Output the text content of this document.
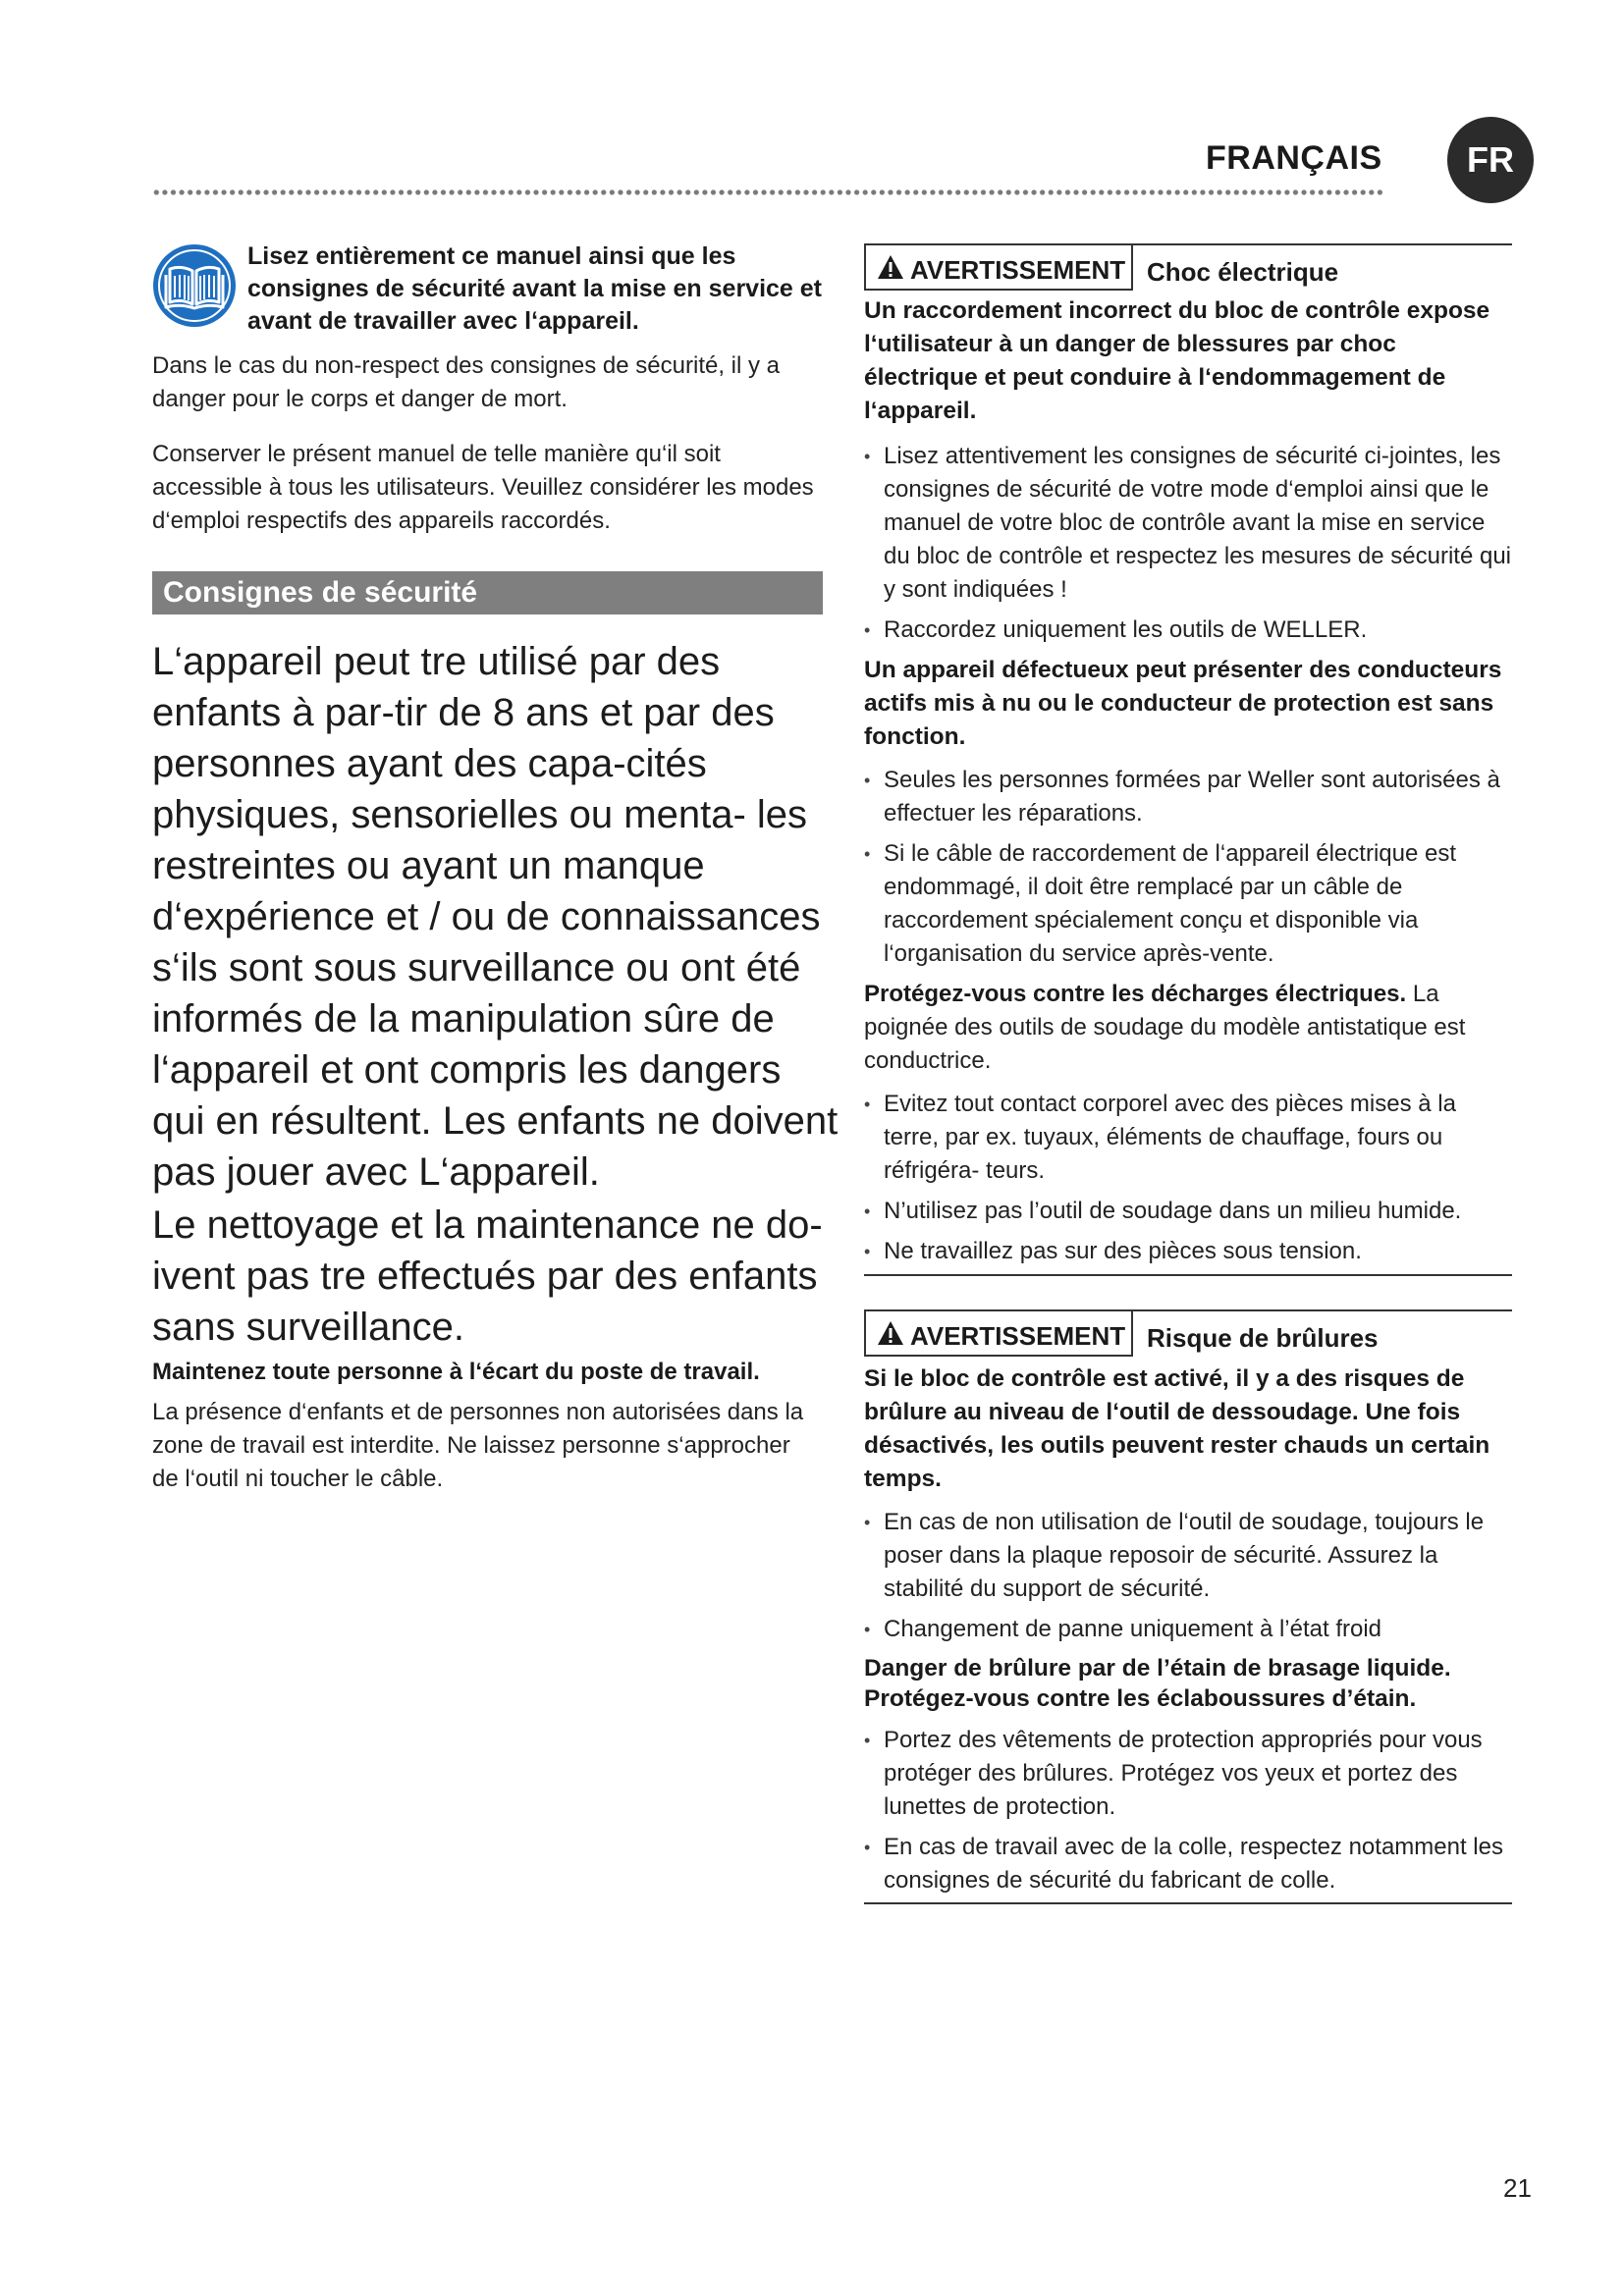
FRANÇAIS	FR
Lisez entièrement ce manuel ainsi que les consignes de sécurité avant la mise en service et avant de travailler avec l‘appareil.
Dans le cas du non-respect des consignes de sécurité, il y a danger pour le corps et danger de mort.
Conserver le présent manuel de telle manière qu‘il soit accessible à tous les utilisateurs. Veuillez considérer les modes d‘emploi respectifs des appareils raccordés.
Consignes de sécurité
L‘appareil peut tre utilisé par des enfants à par-tir de 8 ans et par des personnes ayant des capa-cités physiques, sensorielles ou menta- les restreintes ou ayant un manque d‘expérience et / ou de connaissances s‘ils sont sous surveillance ou ont été informés de la manipulation sûre de l‘appareil et ont compris les dangers qui en résultent. Les enfants ne doivent pas jouer avec L‘appareil.
Le nettoyage et la maintenance ne do- ivent pas tre effectués par des enfants sans surveillance.
Maintenez toute personne à l‘écart du poste de travail.
La présence d‘enfants et de personnes non autorisées dans la zone de travail est interdite. Ne laissez personne s‘approcher de l‘outil ni toucher le câble.
AVERTISSEMENT Choc électrique
Un raccordement incorrect du bloc de contrôle expose l‘utilisateur à un danger de blessures par choc électrique et peut conduire à l‘endommagement de l‘appareil.
• Lisez attentivement les consignes de sécurité ci-jointes, les consignes de sécurité de votre mode d‘emploi ainsi que le manuel de votre bloc de contrôle avant la mise en service du bloc de contrôle et respectez les mesures de sécurité qui y sont indiquées !
• Raccordez uniquement les outils de WELLER.
Un appareil défectueux peut présenter des conducteurs actifs mis à nu ou le conducteur de protection est sans fonction.
• Seules les personnes formées par Weller sont autorisées à effectuer les réparations.
• Si le câble de raccordement de l‘appareil électrique est endommagé, il doit être remplacé par un câble de raccordement spécialement conçu et disponible via l‘organisation du service après-vente.
Protégez-vous contre les décharges électriques. La poignée des outils de soudage du modèle antistatique est conductrice.
• Evitez tout contact corporel avec des pièces mises à la terre, par ex. tuyaux, éléments de chauffage, fours ou réfrigéra- teurs.
• N’utilisez pas l’outil de soudage dans un milieu humide.
• Ne travaillez pas sur des pièces sous tension.
AVERTISSEMENT Risque de brûlures
Si le bloc de contrôle est activé, il y a des risques de brûlure au niveau de l‘outil de dessoudage. Une fois désactivés, les outils peuvent rester chauds un certain temps.
• En cas de non utilisation de l‘outil de soudage, toujours le poser dans la plaque reposoir de sécurité. Assurez la stabilité du support de sécurité.
• Changement de panne uniquement à l’état froid
Danger de brûlure par de l’étain de brasage liquide. Protégez-vous contre les éclaboussures d’étain.
• Portez des vêtements de protection appropriés pour vous protéger des brûlures. Protégez vos yeux et portez des lunettes de protection.
• En cas de travail avec de la colle, respectez notamment les consignes de sécurité du fabricant de colle.
21
